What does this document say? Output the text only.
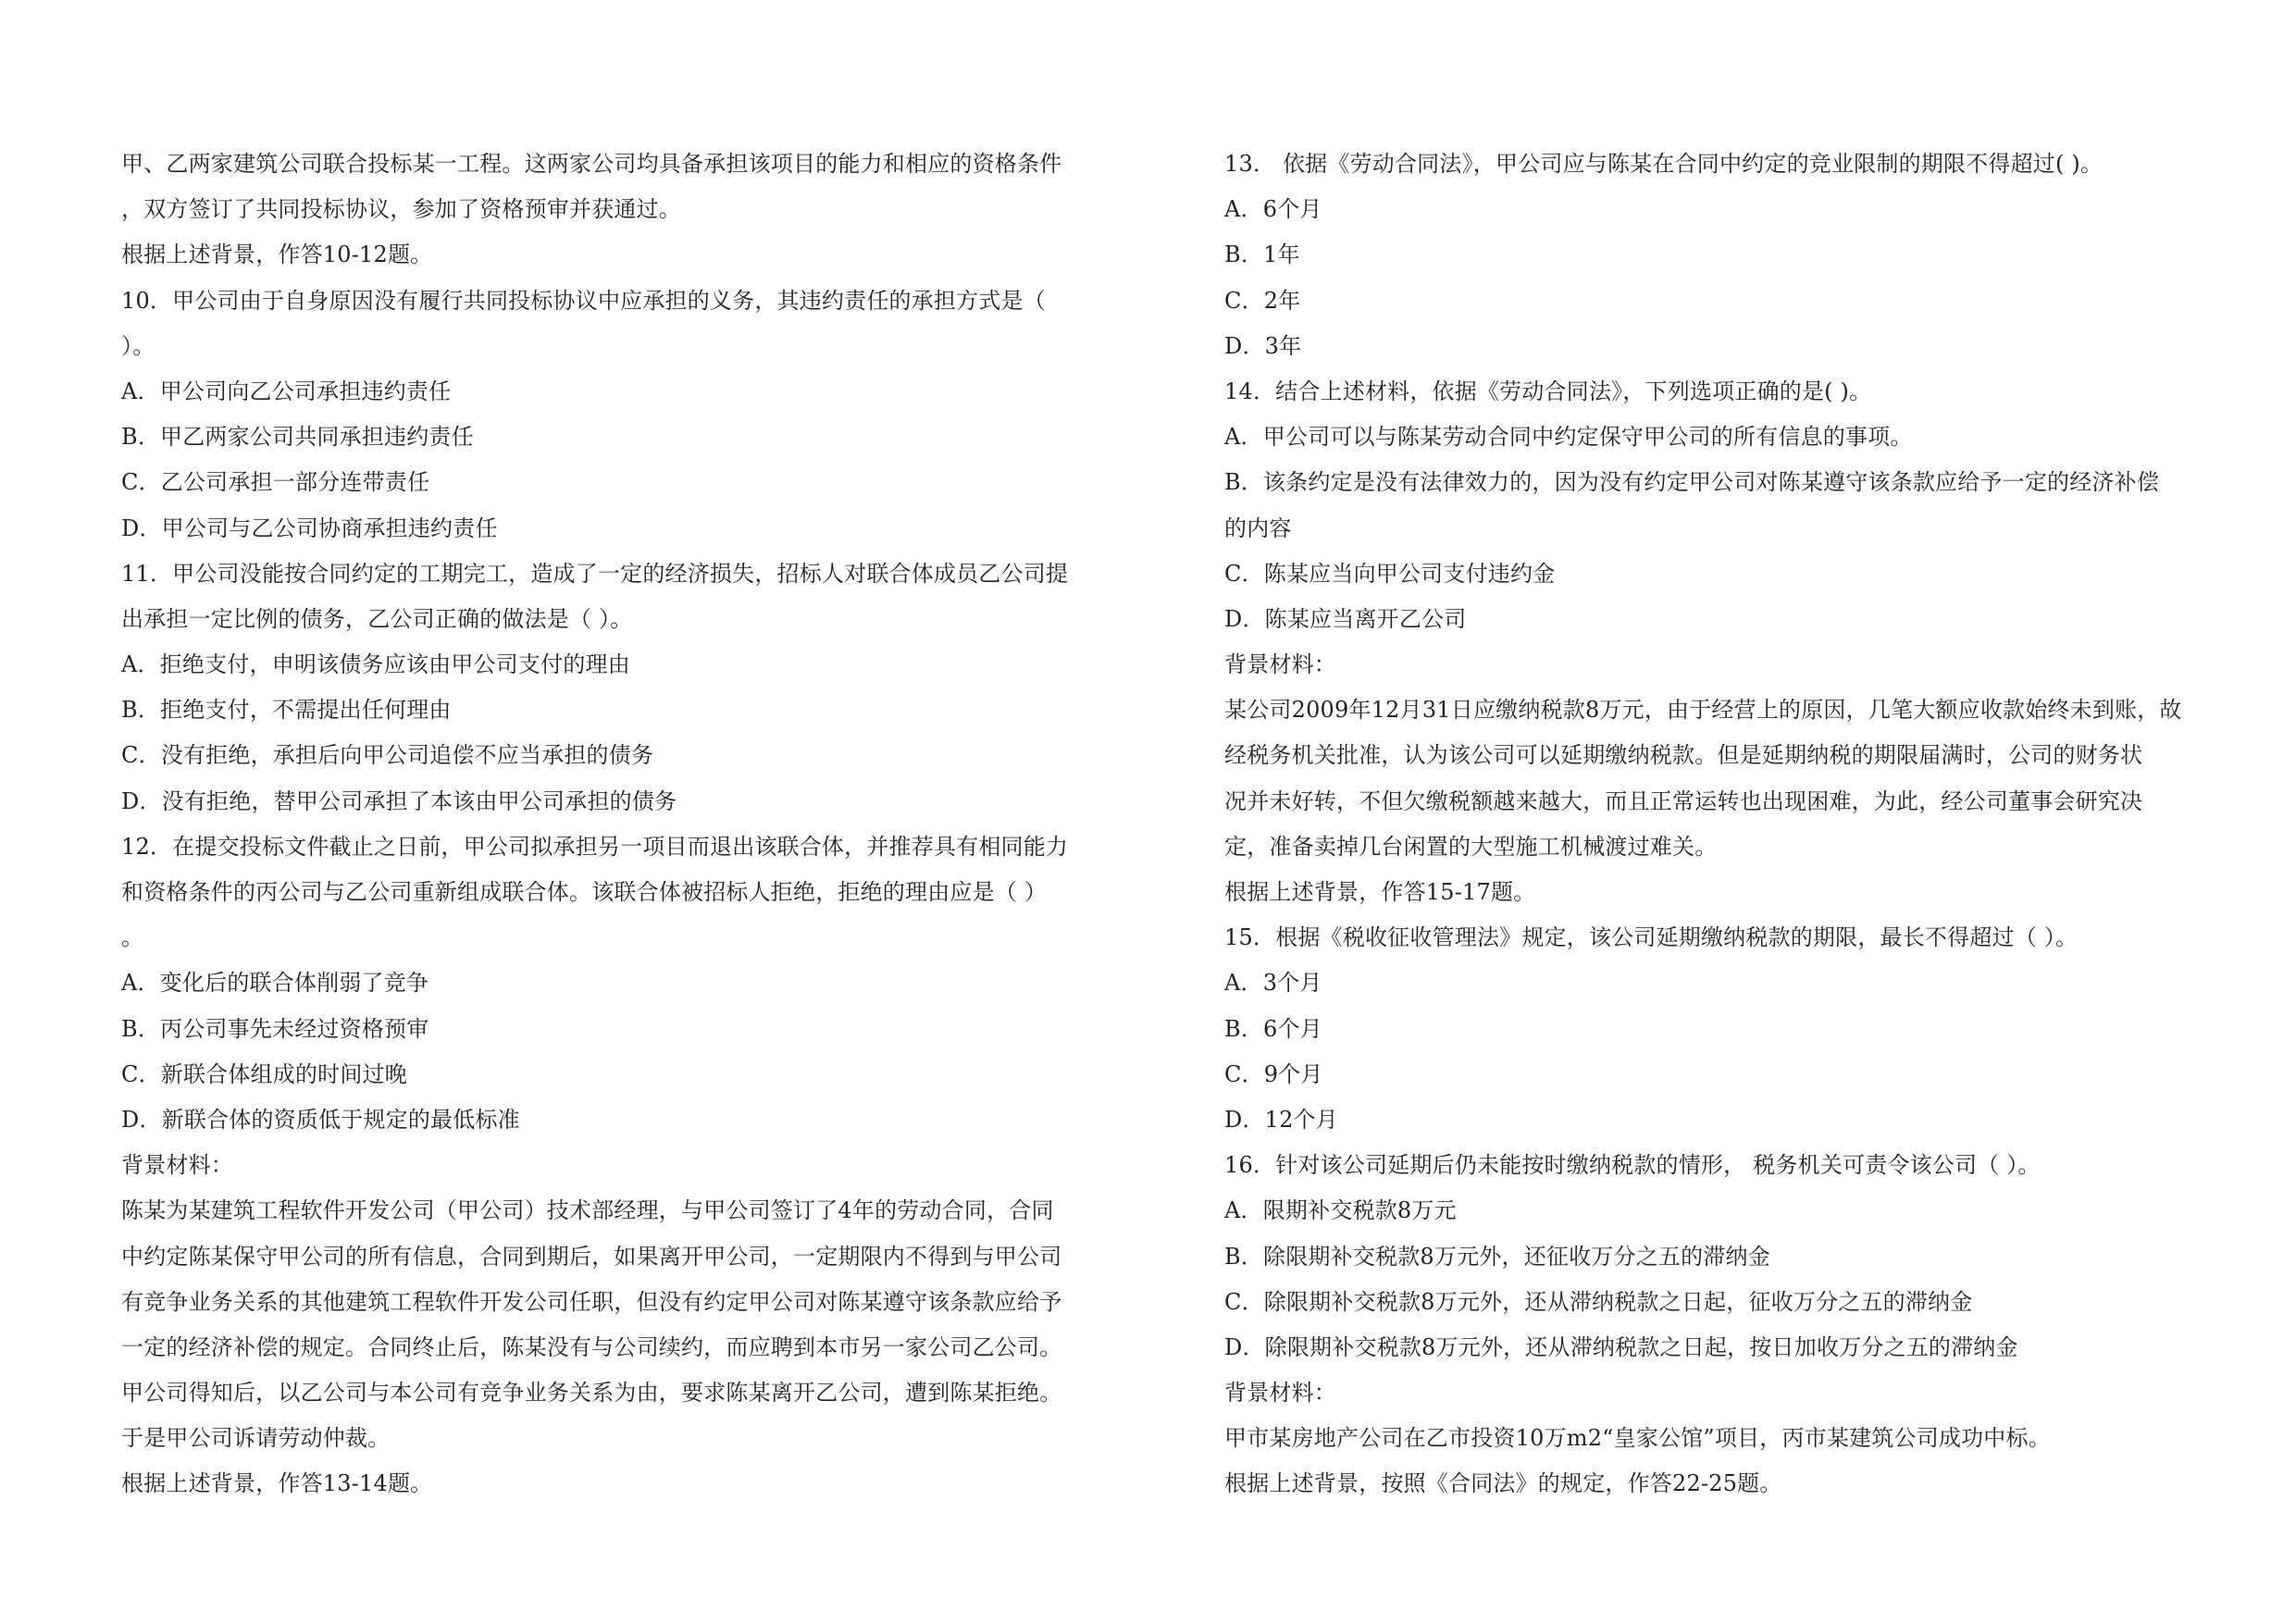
甲、乙两家建筑公司联合投标某一工程。这两家公司均具备承担该项目的能力和相应的资格条件
，双方签订了共同投标协议，参加了资格预审并获通过。
根据上述背景，作答10-12题。
10．甲公司由于自身原因没有履行共同投标协议中应承担的义务，其违约责任的承担方式是（
）。
A．甲公司向乙公司承担违约责任
B．甲乙两家公司共同承担违约责任
C．乙公司承担一部分连带责任
D．甲公司与乙公司协商承担违约责任
11．甲公司没能按合同约定的工期完工，造成了一定的经济损失，招标人对联合体成员乙公司提
出承担一定比例的债务，乙公司正确的做法是（ ）。
A．拒绝支付，申明该债务应该由甲公司支付的理由
B．拒绝支付，不需提出任何理由
C．没有拒绝，承担后向甲公司追偿不应当承担的债务
D．没有拒绝，替甲公司承担了本该由甲公司承担的债务
12．在提交投标文件截止之日前，甲公司拟承担另一项目而退出该联合体，并推荐具有相同能力
和资格条件的丙公司与乙公司重新组成联合体。该联合体被招标人拒绝，拒绝的理由应是（ ）
。
A．变化后的联合体削弱了竞争
B．丙公司事先未经过资格预审
C．新联合体组成的时间过晚
D．新联合体的资质低于规定的最低标准
背景材料：
陈某为某建筑工程软件开发公司（甲公司）技术部经理，与甲公司签订了4年的劳动合同，合同
中约定陈某保守甲公司的所有信息，合同到期后，如果离开甲公司，一定期限内不得到与甲公司
有竞争业务关系的其他建筑工程软件开发公司任职，但没有约定甲公司对陈某遵守该条款应给予
一定的经济补偿的规定。合同终止后，陈某没有与公司续约，而应聘到本市另一家公司乙公司。
甲公司得知后，以乙公司与本公司有竞争业务关系为由，要求陈某离开乙公司，遭到陈某拒绝。
于是甲公司诉请劳动仲裁。
根据上述背景，作答13-14题。
13． 依据《劳动合同法》，甲公司应与陈某在合同中约定的竞业限制的期限不得超过( )。
A．6个月
B．1年
C．2年
D．3年
14．结合上述材料，依据《劳动合同法》，下列选项正确的是( )。
A．甲公司可以与陈某劳动合同中约定保守甲公司的所有信息的事项。
B．该条约定是没有法律效力的，因为没有约定甲公司对陈某遵守该条款应给予一定的经济补偿
的内容
C．陈某应当向甲公司支付违约金
D．陈某应当离开乙公司
背景材料：
某公司2009年12月31日应缴纳税款8万元，由于经营上的原因，几笔大额应收款始终未到账，故
经税务机关批准，认为该公司可以延期缴纳税款。但是延期纳税的期限届满时，公司的财务状
况并未好转，不但欠缴税额越来越大，而且正常运转也出现困难，为此，经公司董事会研究决
定，准备卖掉几台闲置的大型施工机械渡过难关。
根据上述背景，作答15-17题。
15．根据《税收征收管理法》规定，该公司延期缴纳税款的期限，最长不得超过（ ）。
A．3个月
B．6个月
C．9个月
D．12个月
16．针对该公司延期后仍未能按时缴纳税款的情形， 税务机关可责令该公司（ ）。
A．限期补交税款8万元
B．除限期补交税款8万元外，还征收万分之五的滞纳金
C．除限期补交税款8万元外，还从滞纳税款之日起，征收万分之五的滞纳金
D．除限期补交税款8万元外，还从滞纳税款之日起，按日加收万分之五的滞纳金
背景材料：
甲市某房地产公司在乙市投资10万m2“皇家公馆”项目，丙市某建筑公司成功中标。
根据上述背景，按照《合同法》的规定，作答22-25题。
